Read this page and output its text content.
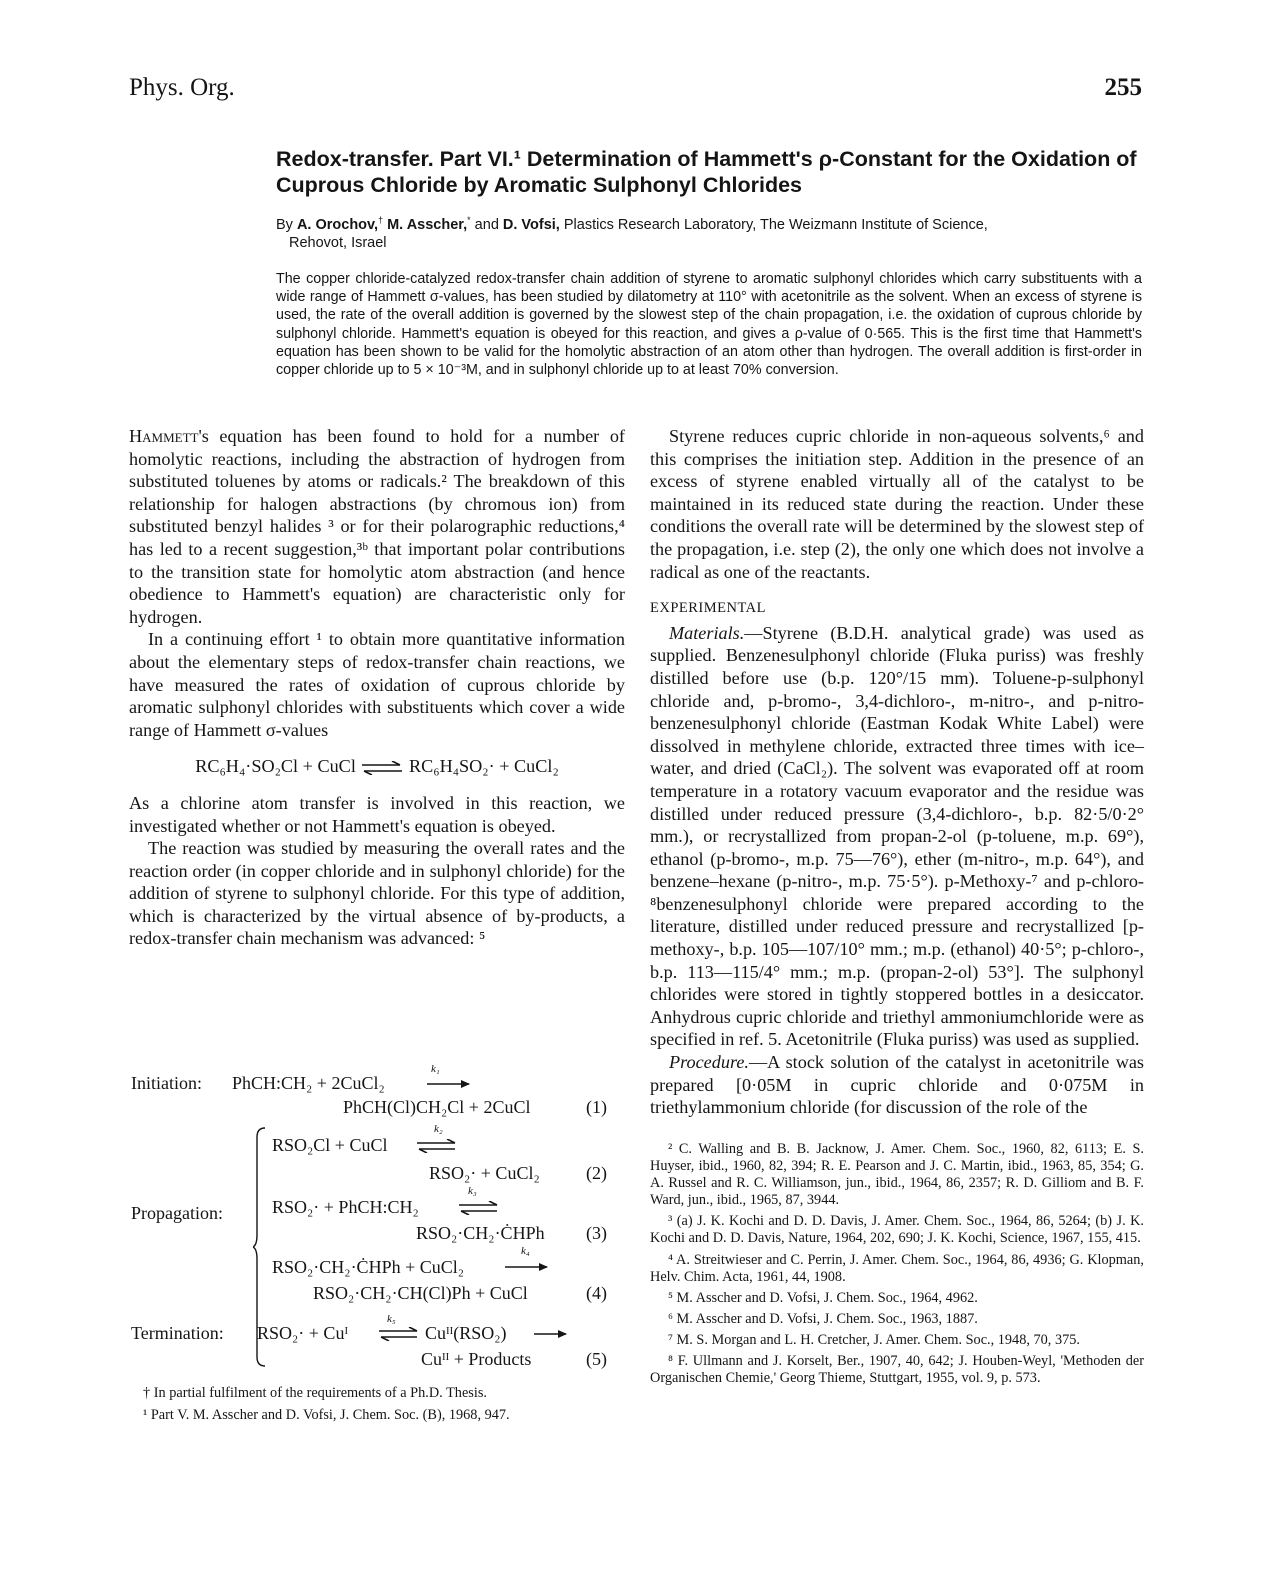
Phys. Org.	255
Redox-transfer. Part VI.¹ Determination of Hammett's ρ-Constant for the Oxidation of Cuprous Chloride by Aromatic Sulphonyl Chlorides
By A. Orochov,† M. Asscher,* and D. Vofsi, Plastics Research Laboratory, The Weizmann Institute of Science,
Rehovot, Israel
The copper chloride-catalyzed redox-transfer chain addition of styrene to aromatic sulphonyl chlorides which carry substituents with a wide range of Hammett σ-values, has been studied by dilatometry at 110° with acetonitrile as the solvent. When an excess of styrene is used, the rate of the overall addition is governed by the slowest step of the chain propagation, i.e. the oxidation of cuprous chloride by sulphonyl chloride. Hammett's equation is obeyed for this reaction, and gives a ρ-value of 0·565. This is the first time that Hammett's equation has been shown to be valid for the homolytic abstraction of an atom other than hydrogen. The overall addition is first-order in copper chloride up to 5 × 10⁻³M, and in sulphonyl chloride up to at least 70% conversion.

Hammett's equation has been found to hold for a number of homolytic reactions, including the abstraction of hydrogen from substituted toluenes by atoms or radicals.² The breakdown of this relationship for halogen abstractions (by chromous ion) from substituted benzyl halides ³ or for their polarographic reductions,⁴ has led to a recent suggestion,³ᵇ that important polar contributions to the transition state for homolytic atom abstraction (and hence obedience to Hammett's equation) are characteristic only for hydrogen.

In a continuing effort ¹ to obtain more quantitative information about the elementary steps of redox-transfer chain reactions, we have measured the rates of oxidation of cuprous chloride by aromatic sulphonyl chlorides with substituents which cover a wide range of Hammett σ-values

RC₆H₄·SO₂Cl + CuCl ⇌ RC₆H₄SO₂· + CuCl₂

As a chlorine atom transfer is involved in this reaction, we investigated whether or not Hammett's equation is obeyed.

The reaction was studied by measuring the overall rates and the reaction order (in copper chloride and in sulphonyl chloride) for the addition of styrene to sulphonyl chloride. For this type of addition, which is characterized by the virtual absence of by-products, a redox-transfer chain mechanism was advanced: ⁵

Initiation: PhCH:CH₂ + 2CuCl₂
k₁
PhCH(Cl)CH₂Cl + 2CuCl	(1)
RSO₂Cl + CuCl
k₂
RSO₂· + CuCl₂	(2)
RSO₂· + PhCH:CH₂
k₃
Propagation:
RSO₂·CH₂·ĊHPh (3)
RSO₂·CH₂·ĊHPh + CuCl₂
k₄
RSO₂·CH₂·CH(Cl)Ph + CuCl	(4)
Termination: RSO₂· + Cuᴵ
k₅
⇌ Cuᴵᴵ(RSO₂)
Cuᴵᴵ + Products	(5)
† In partial fulfilment of the requirements of a Ph.D. Thesis.
¹ Part V. M. Asscher and D. Vofsi, J. Chem. Soc. (B), 1968, 947.

Styrene reduces cupric chloride in non-aqueous solvents,⁶ and this comprises the initiation step. Addition in the presence of an excess of styrene enabled virtually all of the catalyst to be maintained in its reduced state during the reaction. Under these conditions the overall rate will be determined by the slowest step of the propagation, i.e. step (2), the only one which does not involve a radical as one of the reactants.

EXPERIMENTAL

Materials.—Styrene (B.D.H. analytical grade) was used as supplied. Benzenesulphonyl chloride (Fluka puriss) was freshly distilled before use (b.p. 120°/15 mm). Toluene-p-sulphonyl chloride and, p-bromo-, 3,4-dichloro-, m-nitro-, and p-nitro-benzenesulphonyl chloride (Eastman Kodak White Label) were dissolved in methylene chloride, extracted three times with ice–water, and dried (CaCl₂). The solvent was evaporated off at room temperature in a rotatory vacuum evaporator and the residue was distilled under reduced pressure (3,4-dichloro-, b.p. 82·5/0·2° mm.), or recrystallized from propan-2-ol (p-toluene, m.p. 69°), ethanol (p-bromo-, m.p. 75—76°), ether (m-nitro-, m.p. 64°), and benzene–hexane (p-nitro-, m.p. 75·5°). p-Methoxy-⁷ and p-chloro-⁸benzenesulphonyl chloride were prepared according to the literature, distilled under reduced pressure and recrystallized [p-methoxy-, b.p. 105—107/10° mm.; m.p. (ethanol) 40·5°; p-chloro-, b.p. 113—115/4° mm.; m.p. (propan-2-ol) 53°]. The sulphonyl chlorides were stored in tightly stoppered bottles in a desiccator. Anhydrous cupric chloride and triethyl ammoniumchloride were as specified in ref. 5. Acetonitrile (Fluka puriss) was used as supplied.

Procedure.—A stock solution of the catalyst in acetonitrile was prepared [0·05M in cupric chloride and 0·075M in triethylammonium chloride (for discussion of the role of the

² C. Walling and B. B. Jacknow, J. Amer. Chem. Soc., 1960, 82, 6113; E. S. Huyser, ibid., 1960, 82, 394; R. E. Pearson and J. C. Martin, ibid., 1963, 85, 354; G. A. Russel and R. C. Williamson, jun., ibid., 1964, 86, 2357; R. D. Gilliom and B. F. Ward, jun., ibid., 1965, 87, 3944.
³ (a) J. K. Kochi and D. D. Davis, J. Amer. Chem. Soc., 1964, 86, 5264; (b) J. K. Kochi and D. D. Davis, Nature, 1964, 202, 690; J. K. Kochi, Science, 1967, 155, 415.
⁴ A. Streitwieser and C. Perrin, J. Amer. Chem. Soc., 1964, 86, 4936; G. Klopman, Helv. Chim. Acta, 1961, 44, 1908.
⁵ M. Asscher and D. Vofsi, J. Chem. Soc., 1964, 4962.
⁶ M. Asscher and D. Vofsi, J. Chem. Soc., 1963, 1887.
⁷ M. S. Morgan and L. H. Cretcher, J. Amer. Chem. Soc., 1948, 70, 375.
⁸ F. Ullmann and J. Korselt, Ber., 1907, 40, 642; J. Houben-Weyl, 'Methoden der Organischen Chemie,' Georg Thieme, Stuttgart, 1955, vol. 9, p. 573.
